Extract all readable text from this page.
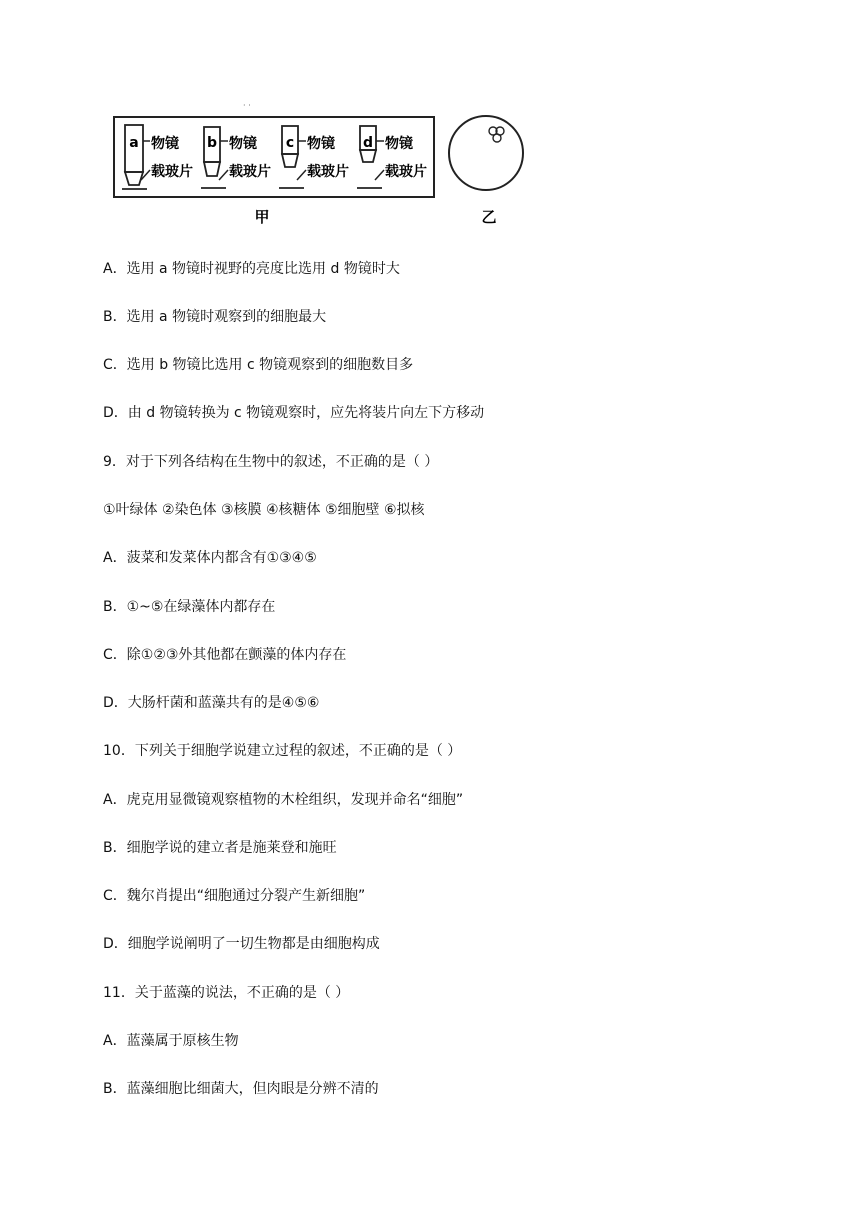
· ·
a 物镜
载玻片
b 物镜
载玻片
c 物镜
载玻片
d 物镜
载玻片
甲	乙
A．选用 a 物镜时视野的亮度比选用 d 物镜时大
B．选用 a 物镜时观察到的细胞最大
C．选用 b 物镜比选用 c 物镜观察到的细胞数目多
D．由 d 物镜转换为 c 物镜观察时，应先将装片向左下方移动
9．对于下列各结构在生物中的叙述，不正确的是（ ）
①叶绿体 ②染色体 ③核膜 ④核糖体 ⑤细胞壁 ⑥拟核
A．菠菜和发菜体内都含有①③④⑤
B．①~⑤在绿藻体内都存在
C．除①②③外其他都在颤藻的体内存在
D．大肠杆菌和蓝藻共有的是④⑤⑥
10．下列关于细胞学说建立过程的叙述，不正确的是（ ）
A．虎克用显微镜观察植物的木栓组织，发现并命名“细胞”
B．细胞学说的建立者是施莱登和施旺
C．魏尔肖提出“细胞通过分裂产生新细胞”
D．细胞学说阐明了一切生物都是由细胞构成
11．关于蓝藻的说法，不正确的是（ ）
A．蓝藻属于原核生物
B．蓝藻细胞比细菌大，但肉眼是分辨不清的
